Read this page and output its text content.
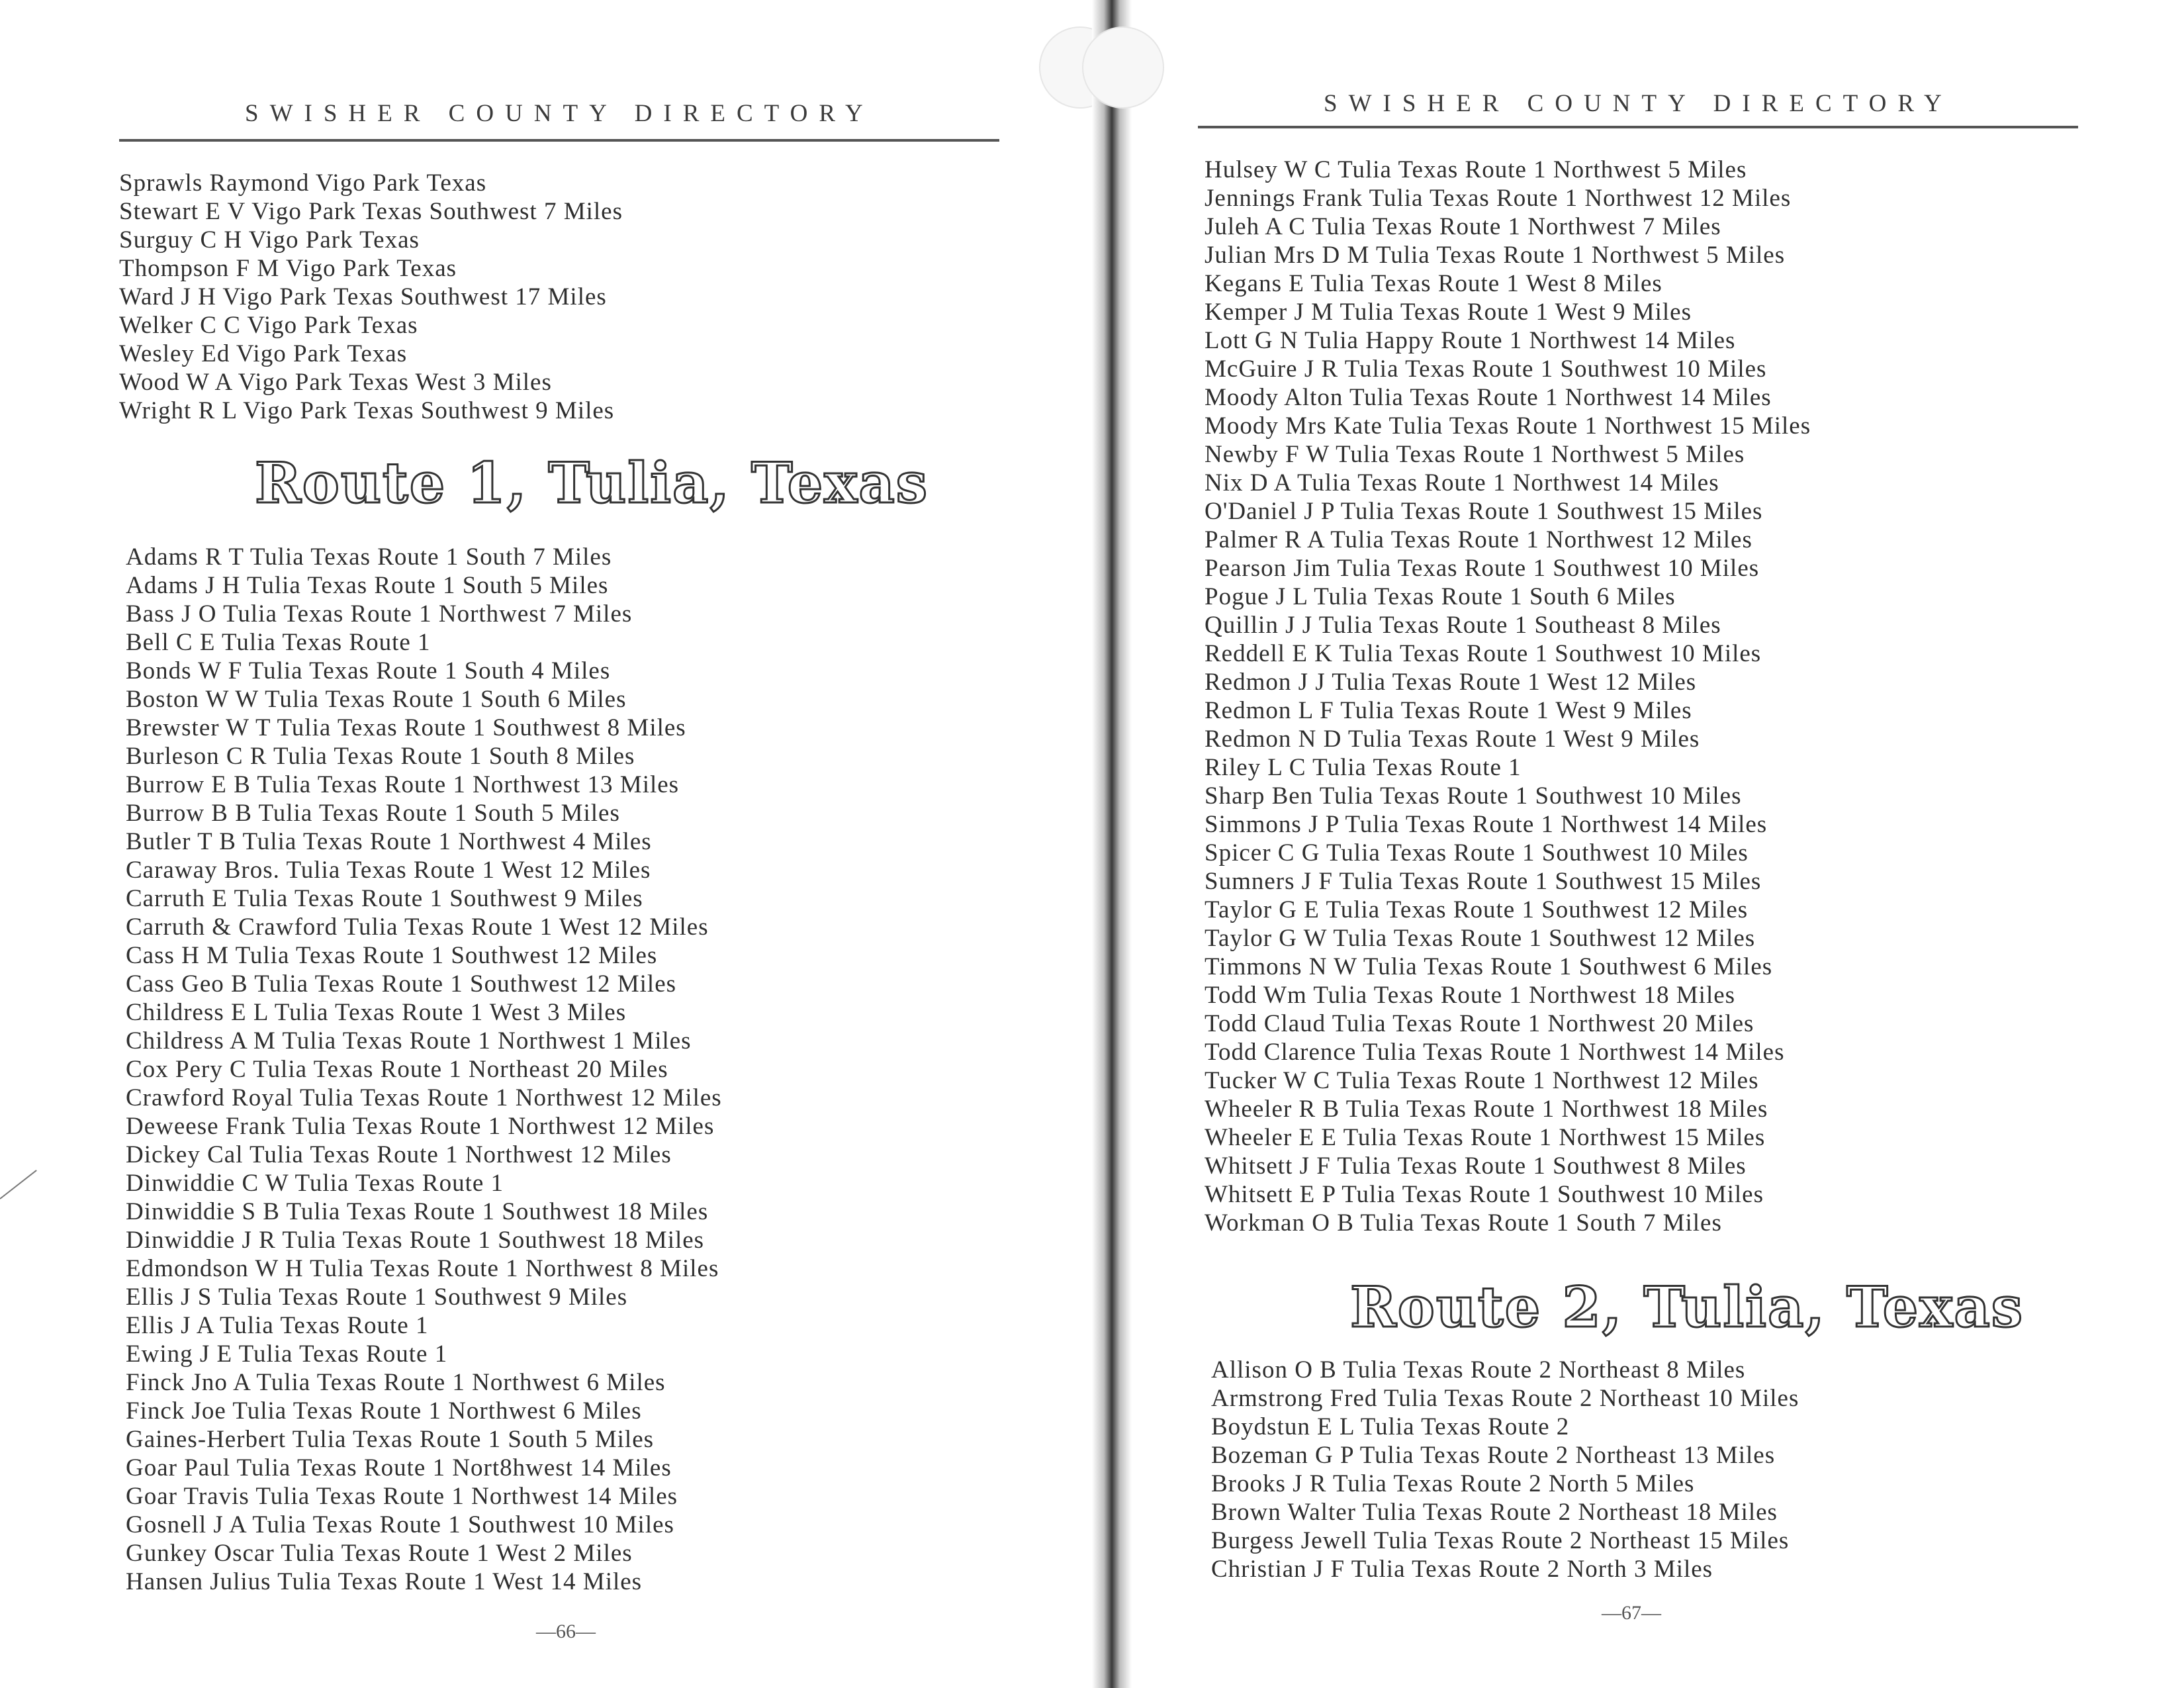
SWISHER COUNTY DIRECTORY
Sprawls Raymond Vigo Park Texas
Stewart E V Vigo Park Texas Southwest 7 Miles
Surguy C H Vigo Park Texas
Thompson F M Vigo Park Texas
Ward J H Vigo Park Texas Southwest 17 Miles
Welker C C Vigo Park Texas
Wesley Ed Vigo Park Texas
Wood W A Vigo Park Texas West 3 Miles
Wright R L Vigo Park Texas Southwest 9 Miles
Route 1, Tulia, Texas
Adams R T Tulia Texas Route 1 South 7 Miles
Adams J H Tulia Texas Route 1 South 5 Miles
Bass J O Tulia Texas Route 1 Northwest 7 Miles
Bell C E Tulia Texas Route 1
Bonds W F Tulia Texas Route 1 South 4 Miles
Boston W W Tulia Texas Route 1 South 6 Miles
Brewster W T Tulia Texas Route 1 Southwest 8 Miles
Burleson C R Tulia Texas Route 1 South 8 Miles
Burrow E B Tulia Texas Route 1 Northwest 13 Miles
Burrow B B Tulia Texas Route 1 South 5 Miles
Butler T B Tulia Texas Route 1 Northwest 4 Miles
Caraway Bros. Tulia Texas Route 1 West 12 Miles
Carruth E Tulia Texas Route 1 Southwest 9 Miles
Carruth & Crawford Tulia Texas Route 1 West 12 Miles
Cass H M Tulia Texas Route 1 Southwest 12 Miles
Cass Geo B Tulia Texas Route 1 Southwest 12 Miles
Childress E L Tulia Texas Route 1 West 3 Miles
Childress A M Tulia Texas Route 1 Northwest 1 Miles
Cox Pery C Tulia Texas Route 1 Northeast 20 Miles
Crawford Royal Tulia Texas Route 1 Northwest 12 Miles
Deweese Frank Tulia Texas Route 1 Northwest 12 Miles
Dickey Cal Tulia Texas Route 1 Northwest 12 Miles
Dinwiddie C W Tulia Texas Route 1
Dinwiddie S B Tulia Texas Route 1 Southwest 18 Miles
Dinwiddie J R Tulia Texas Route 1 Southwest 18 Miles
Edmondson W H Tulia Texas Route 1 Northwest 8 Miles
Ellis J S Tulia Texas Route 1 Southwest 9 Miles
Ellis J A Tulia Texas Route 1
Ewing J E Tulia Texas Route 1
Finck Jno A Tulia Texas Route 1 Northwest 6 Miles
Finck Joe Tulia Texas Route 1 Northwest 6 Miles
Gaines-Herbert Tulia Texas Route 1 South 5 Miles
Goar Paul Tulia Texas Route 1 Nort8hwest 14 Miles
Goar Travis Tulia Texas Route 1 Northwest 14 Miles
Gosnell J A Tulia Texas Route 1 Southwest 10 Miles
Gunkey Oscar Tulia Texas Route 1 West 2 Miles
Hansen Julius Tulia Texas Route 1 West 14 Miles
—66—
SWISHER COUNTY DIRECTORY
Hulsey W C Tulia Texas Route 1 Northwest 5 Miles
Jennings Frank Tulia Texas Route 1 Northwest 12 Miles
Juleh A C Tulia Texas Route 1 Northwest 7 Miles
Julian Mrs D M Tulia Texas Route 1 Northwest 5 Miles
Kegans E Tulia Texas Route 1 West 8 Miles
Kemper J M Tulia Texas Route 1 West 9 Miles
Lott G N Tulia Happy Route 1 Northwest 14 Miles
McGuire J R Tulia Texas Route 1 Southwest 10 Miles
Moody Alton Tulia Texas Route 1 Northwest 14 Miles
Moody Mrs Kate Tulia Texas Route 1 Northwest 15 Miles
Newby F W Tulia Texas Route 1 Northwest 5 Miles
Nix D A Tulia Texas Route 1 Northwest 14 Miles
O'Daniel J P Tulia Texas Route 1 Southwest 15 Miles
Palmer R A Tulia Texas Route 1 Northwest 12 Miles
Pearson Jim Tulia Texas Route 1 Southwest 10 Miles
Pogue J L Tulia Texas Route 1 South 6 Miles
Quillin J J Tulia Texas Route 1 Southeast 8 Miles
Reddell E K Tulia Texas Route 1 Southwest 10 Miles
Redmon J J Tulia Texas Route 1 West 12 Miles
Redmon L F Tulia Texas Route 1 West 9 Miles
Redmon N D Tulia Texas Route 1 West 9 Miles
Riley L C Tulia Texas Route 1
Sharp Ben Tulia Texas Route 1 Southwest 10 Miles
Simmons J P Tulia Texas Route 1 Northwest 14 Miles
Spicer C G Tulia Texas Route 1 Southwest 10 Miles
Sumners J F Tulia Texas Route 1 Southwest 15 Miles
Taylor G E Tulia Texas Route 1 Southwest 12 Miles
Taylor G W Tulia Texas Route 1 Southwest 12 Miles
Timmons N W Tulia Texas Route 1 Southwest 6 Miles
Todd Wm Tulia Texas Route 1 Northwest 18 Miles
Todd Claud Tulia Texas Route 1 Northwest 20 Miles
Todd Clarence Tulia Texas Route 1 Northwest 14 Miles
Tucker W C Tulia Texas Route 1 Northwest 12 Miles
Wheeler R B Tulia Texas Route 1 Northwest 18 Miles
Wheeler E E Tulia Texas Route 1 Northwest 15 Miles
Whitsett J F Tulia Texas Route 1 Southwest 8 Miles
Whitsett E P Tulia Texas Route 1 Southwest 10 Miles
Workman O B Tulia Texas Route 1 South 7 Miles
Route 2, Tulia, Texas
Allison O B Tulia Texas Route 2 Northeast 8 Miles
Armstrong Fred Tulia Texas Route 2 Northeast 10 Miles
Boydstun E L Tulia Texas Route 2
Bozeman G P Tulia Texas Route 2 Northeast 13 Miles
Brooks J R Tulia Texas Route 2 North 5 Miles
Brown Walter Tulia Texas Route 2 Northeast 18 Miles
Burgess Jewell Tulia Texas Route 2 Northeast 15 Miles
Christian J F Tulia Texas Route 2 North 3 Miles
—67—
